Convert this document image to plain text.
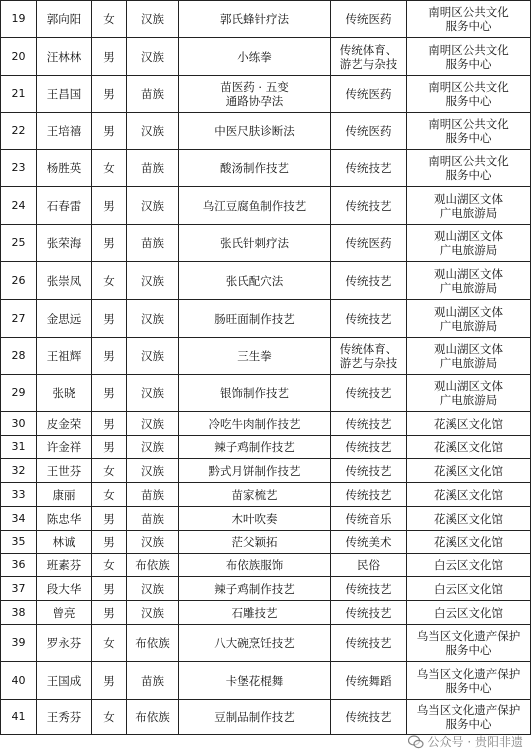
19	郭向阳	女	汉族	郭氏蜂针疗法	传统医药	南明区公共文化
服务中心
20	汪林林	男	汉族	小练拳	传统体育、
游艺与杂技	南明区公共文化
服务中心
21	王昌国	男	苗族	苗医药 · 五变
通路协孕法	传统医药	南明区公共文化
服务中心
22	王培禧	男	汉族	中医尺肤诊断法	传统医药	南明区公共文化
服务中心
23	杨胜英	女	苗族	酸汤制作技艺	传统技艺	南明区公共文化
服务中心
24	石春雷	男	汉族	乌江豆腐鱼制作技艺	传统技艺	观山湖区文体
广电旅游局
25	张荣海	男	苗族	张氏针刺疗法	传统医药	观山湖区文体
广电旅游局
26	张崇凤	女	汉族	张氏配穴法	传统技艺	观山湖区文体
广电旅游局
27	金思远	男	汉族	肠旺面制作技艺	传统技艺	观山湖区文体
广电旅游局
28	王祖辉	男	汉族	三生拳	传统体育、
游艺与杂技	观山湖区文体
广电旅游局
29	张晓	男	汉族	银饰制作技艺	传统技艺	观山湖区文体
广电旅游局
30	皮金荣	男	汉族	冷吃牛肉制作技艺	传统技艺	花溪区文化馆
31	许金祥	男	汉族	辣子鸡制作技艺	传统技艺	花溪区文化馆
32	王世芬	女	汉族	黔式月饼制作技艺	传统技艺	花溪区文化馆
33	康丽	女	苗族	苗家梳艺	传统技艺	花溪区文化馆
34	陈忠华	男	苗族	木叶吹奏	传统音乐	花溪区文化馆
35	林诚	男	汉族	茫父颖拓	传统美术	花溪区文化馆
36	班素芬	女	布依族	布依族服饰	民俗	白云区文化馆
37	段大华	男	汉族	辣子鸡制作技艺	传统技艺	白云区文化馆
38	曾亮	男	汉族	石雕技艺	传统技艺	白云区文化馆
39	罗永芬	女	布依族	八大碗烹饪技艺	传统技艺	乌当区文化遗产保护
服务中心
40	王国成	男	苗族	卡堡花棍舞	传统舞蹈	乌当区文化遗产保护
服务中心
41	王秀芬	女	布依族	豆制品制作技艺	传统技艺	乌当区文化遗产保护
服务中心
公众号 · 贵阳非遗
